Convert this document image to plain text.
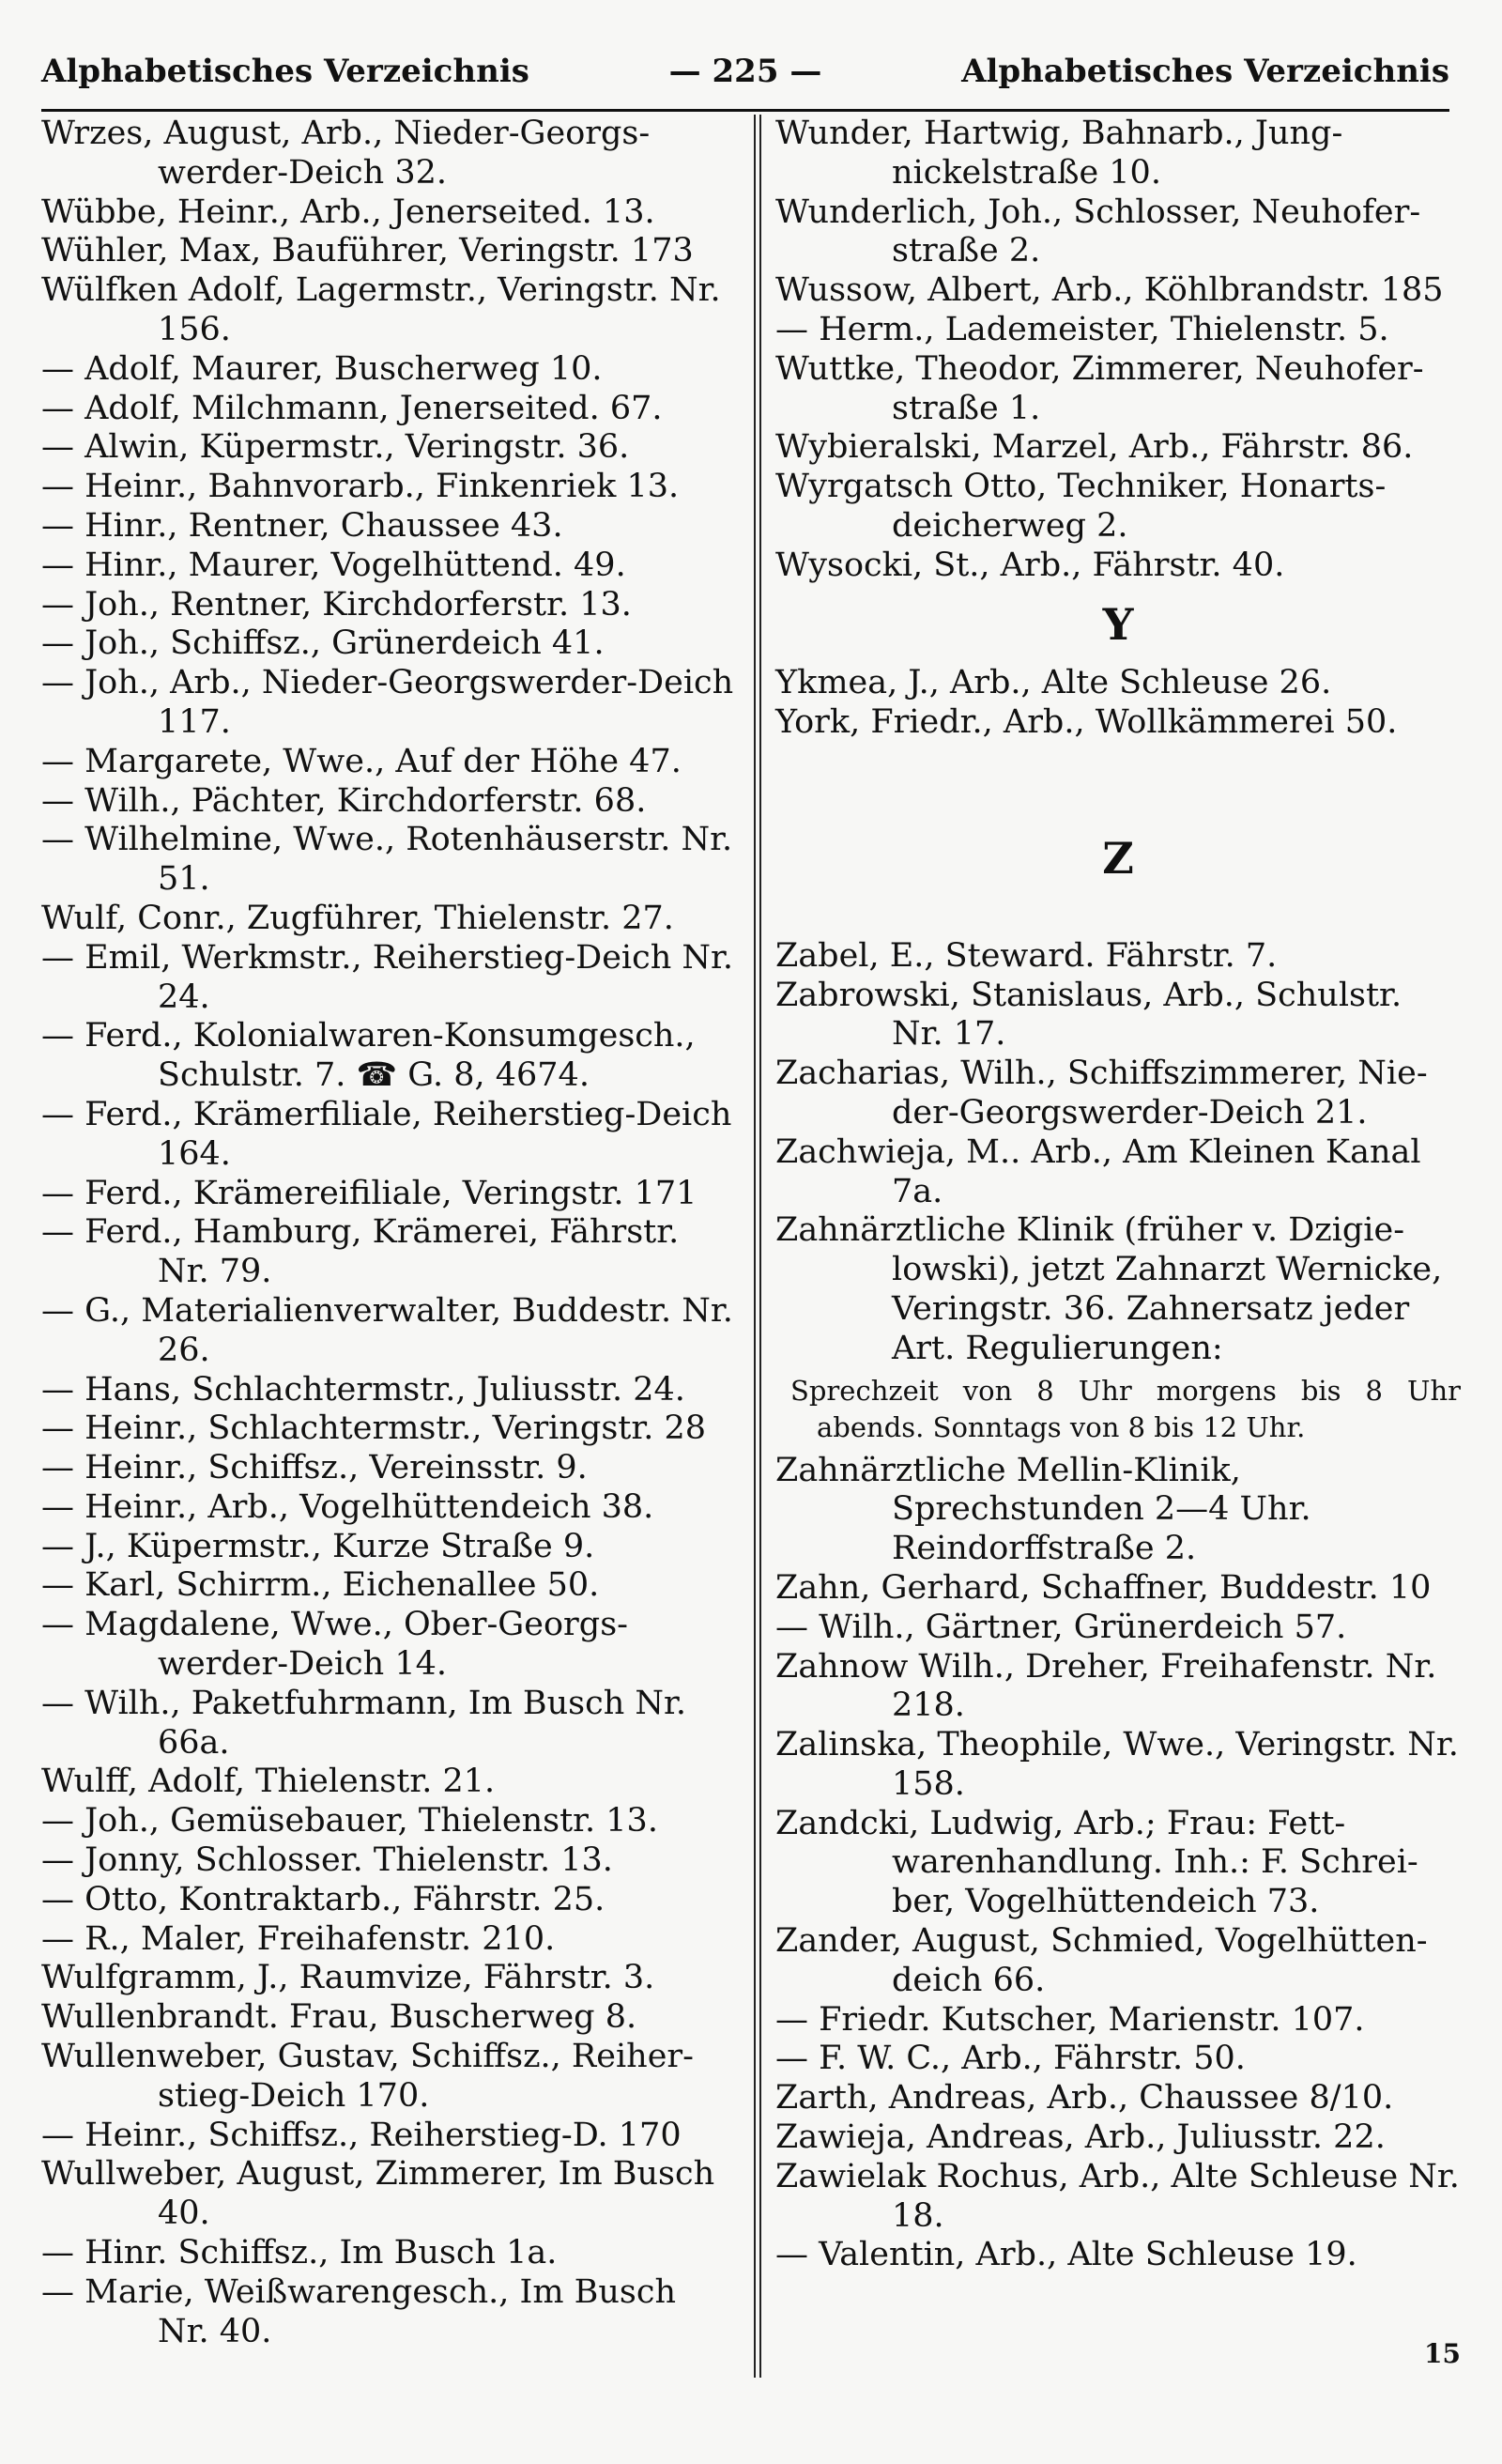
Alphabetisches Verzeichnis	— 225 —	Alphabetisches Verzeichnis
Wrzes, August, Arb., Nieder-Georgs-werder-Deich 32.
Wübbe, Heinr., Arb., Jenerseited. 13.
Wühler, Max, Bauführer, Veringstr. 173
Wülfken Adolf, Lagermstr., Veringstr. Nr. 156.
— Adolf, Maurer, Buscherweg 10.
— Adolf, Milchmann, Jenerseited. 67.
— Alwin, Küpermstr., Veringstr. 36.
— Heinr., Bahnvorarb., Finkenriek 13.
— Hinr., Rentner, Chaussee 43.
— Hinr., Maurer, Vogelhüttend. 49.
— Joh., Rentner, Kirchdorferstr. 13.
— Joh., Schiffsz., Grünerdeich 41.
— Joh., Arb., Nieder-Georgswerder-Deich 117.
— Margarete, Wwe., Auf der Höhe 47.
— Wilh., Pächter, Kirchdorferstr. 68.
— Wilhelmine, Wwe., Rotenhäuserstr. Nr. 51.
Wulf, Conr., Zugführer, Thielenstr. 27.
— Emil, Werkmstr., Reiherstieg-Deich Nr. 24.
— Ferd., Kolonialwaren-Konsumgesch., Schulstr. 7. ☎ G. 8, 4674.
— Ferd., Krämerfiliale, Reiherstieg-Deich 164.
— Ferd., Krämereifiliale, Veringstr. 171
— Ferd., Hamburg, Krämerei, Fährstr. Nr. 79.
— G., Materialienverwalter, Buddestr. Nr. 26.
— Hans, Schlachtermstr., Juliusstr. 24.
— Heinr., Schlachtermstr., Veringstr. 28
— Heinr., Schiffsz., Vereinsstr. 9.
— Heinr., Arb., Vogelhüttendeich 38.
— J., Küpermstr., Kurze Straße 9.
— Karl, Schirrm., Eichenallee 50.
— Magdalene, Wwe., Ober-Georgs-werder-Deich 14.
— Wilh., Paketfuhrmann, Im Busch Nr. 66a.
Wulff, Adolf, Thielenstr. 21.
— Joh., Gemüsebauer, Thielenstr. 13.
— Jonny, Schlosser. Thielenstr. 13.
— Otto, Kontraktarb., Fährstr. 25.
— R., Maler, Freihafenstr. 210.
Wulfgramm, J., Raumvize, Fährstr. 3.
Wullenbrandt. Frau, Buscherweg 8.
Wullenweber, Gustav, Schiffsz., Reiher-stieg-Deich 170.
— Heinr., Schiffsz., Reiherstieg-D. 170
Wullweber, August, Zimmerer, Im Busch 40.
— Hinr. Schiffsz., Im Busch 1a.
— Marie, Weißwarengesch., Im Busch Nr. 40.
Wunder, Hartwig, Bahnarb., Jung-nickelstraße 10.
Wunderlich, Joh., Schlosser, Neuhofer-straße 2.
Wussow, Albert, Arb., Köhlbrandstr. 185
— Herm., Lademeister, Thielenstr. 5.
Wuttke, Theodor, Zimmerer, Neuhofer-straße 1.
Wybieralski, Marzel, Arb., Fährstr. 86.
Wyrgatsch Otto, Techniker, Honarts-deicherweg 2.
Wysocki, St., Arb., Fährstr. 40.
Y
Ykmea, J., Arb., Alte Schleuse 26.
York, Friedr., Arb., Wollkämmerei 50.
Z
Zabel, E., Steward. Fährstr. 7.
Zabrowski, Stanislaus, Arb., Schulstr. Nr. 17.
Zacharias, Wilh., Schiffszimmerer, Nie-der-Georgswerder-Deich 21.
Zachwieja, M.. Arb., Am Kleinen Kanal 7a.
Zahnärztliche Klinik (früher v. Dzigie-lowski), jetzt Zahnarzt Wernicke, Veringstr. 36. Zahnersatz jeder Art. Regulierungen:
Sprechzeit von 8 Uhr morgens bis 8 Uhr abends. Sonntags von 8 bis 12 Uhr.
Zahnärztliche Mellin-Klinik, Sprechstunden 2—4 Uhr. Reindorffstraße 2.
Zahn, Gerhard, Schaffner, Buddestr. 10
— Wilh., Gärtner, Grünerdeich 57.
Zahnow Wilh., Dreher, Freihafenstr. Nr. 218.
Zalinska, Theophile, Wwe., Veringstr. Nr. 158.
Zandcki, Ludwig, Arb.; Frau: Fett-warenhandlung. Inh.: F. Schrei-ber, Vogelhüttendeich 73.
Zander, August, Schmied, Vogelhütten-deich 66.
— Friedr. Kutscher, Marienstr. 107.
— F. W. C., Arb., Fährstr. 50.
Zarth, Andreas, Arb., Chaussee 8/10.
Zawieja, Andreas, Arb., Juliusstr. 22.
Zawielak Rochus, Arb., Alte Schleuse Nr. 18.
— Valentin, Arb., Alte Schleuse 19.
15
